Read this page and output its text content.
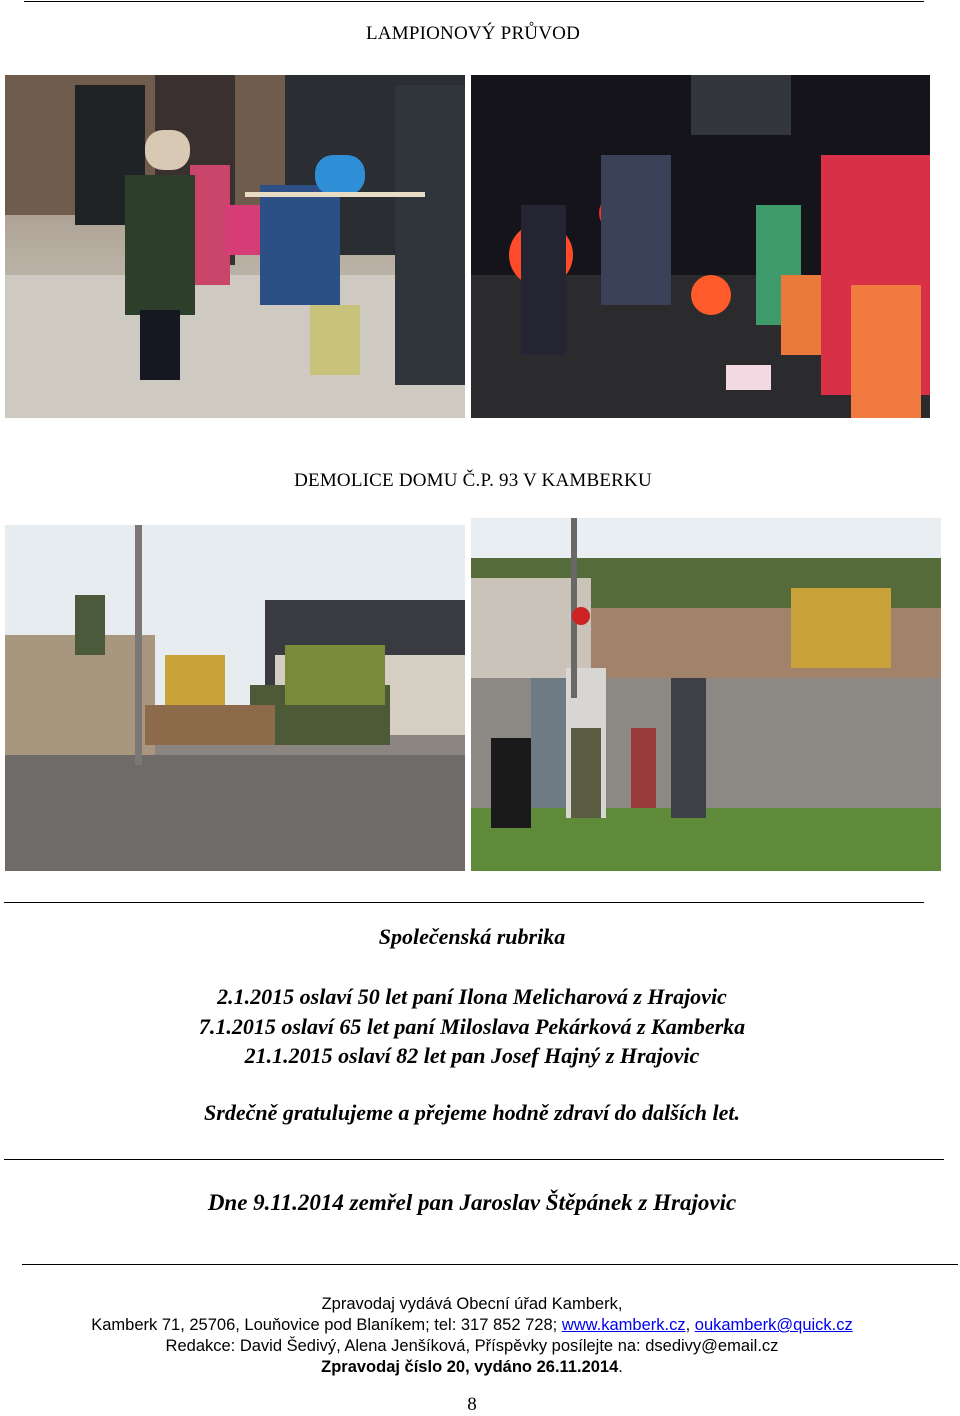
LAMPIONOVÝ PRŮVOD
DEMOLICE DOMU Č.P. 93 V KAMBERKU
Společenská rubrika
2.1.2015 oslaví 50 let paní Ilona Melicharová z Hrajovic
7.1.2015 oslaví 65 let paní Miloslava Pekárková z Kamberka
21.1.2015 oslaví 82 let pan Josef Hajný z Hrajovic
Srdečně gratulujeme a přejeme hodně zdraví do dalších let.
Dne 9.11.2014 zemřel pan Jaroslav Štěpánek z Hrajovic
Zpravodaj vydává Obecní úřad Kamberk,
Kamberk 71, 25706, Louňovice pod Blaníkem; tel: 317 852 728; www.kamberk.cz, oukamberk@quick.cz
Redakce: David Šedivý, Alena Jenšíková, Příspěvky posílejte na: dsedivy@email.cz
Zpravodaj číslo 20, vydáno 26.11.2014.
8
